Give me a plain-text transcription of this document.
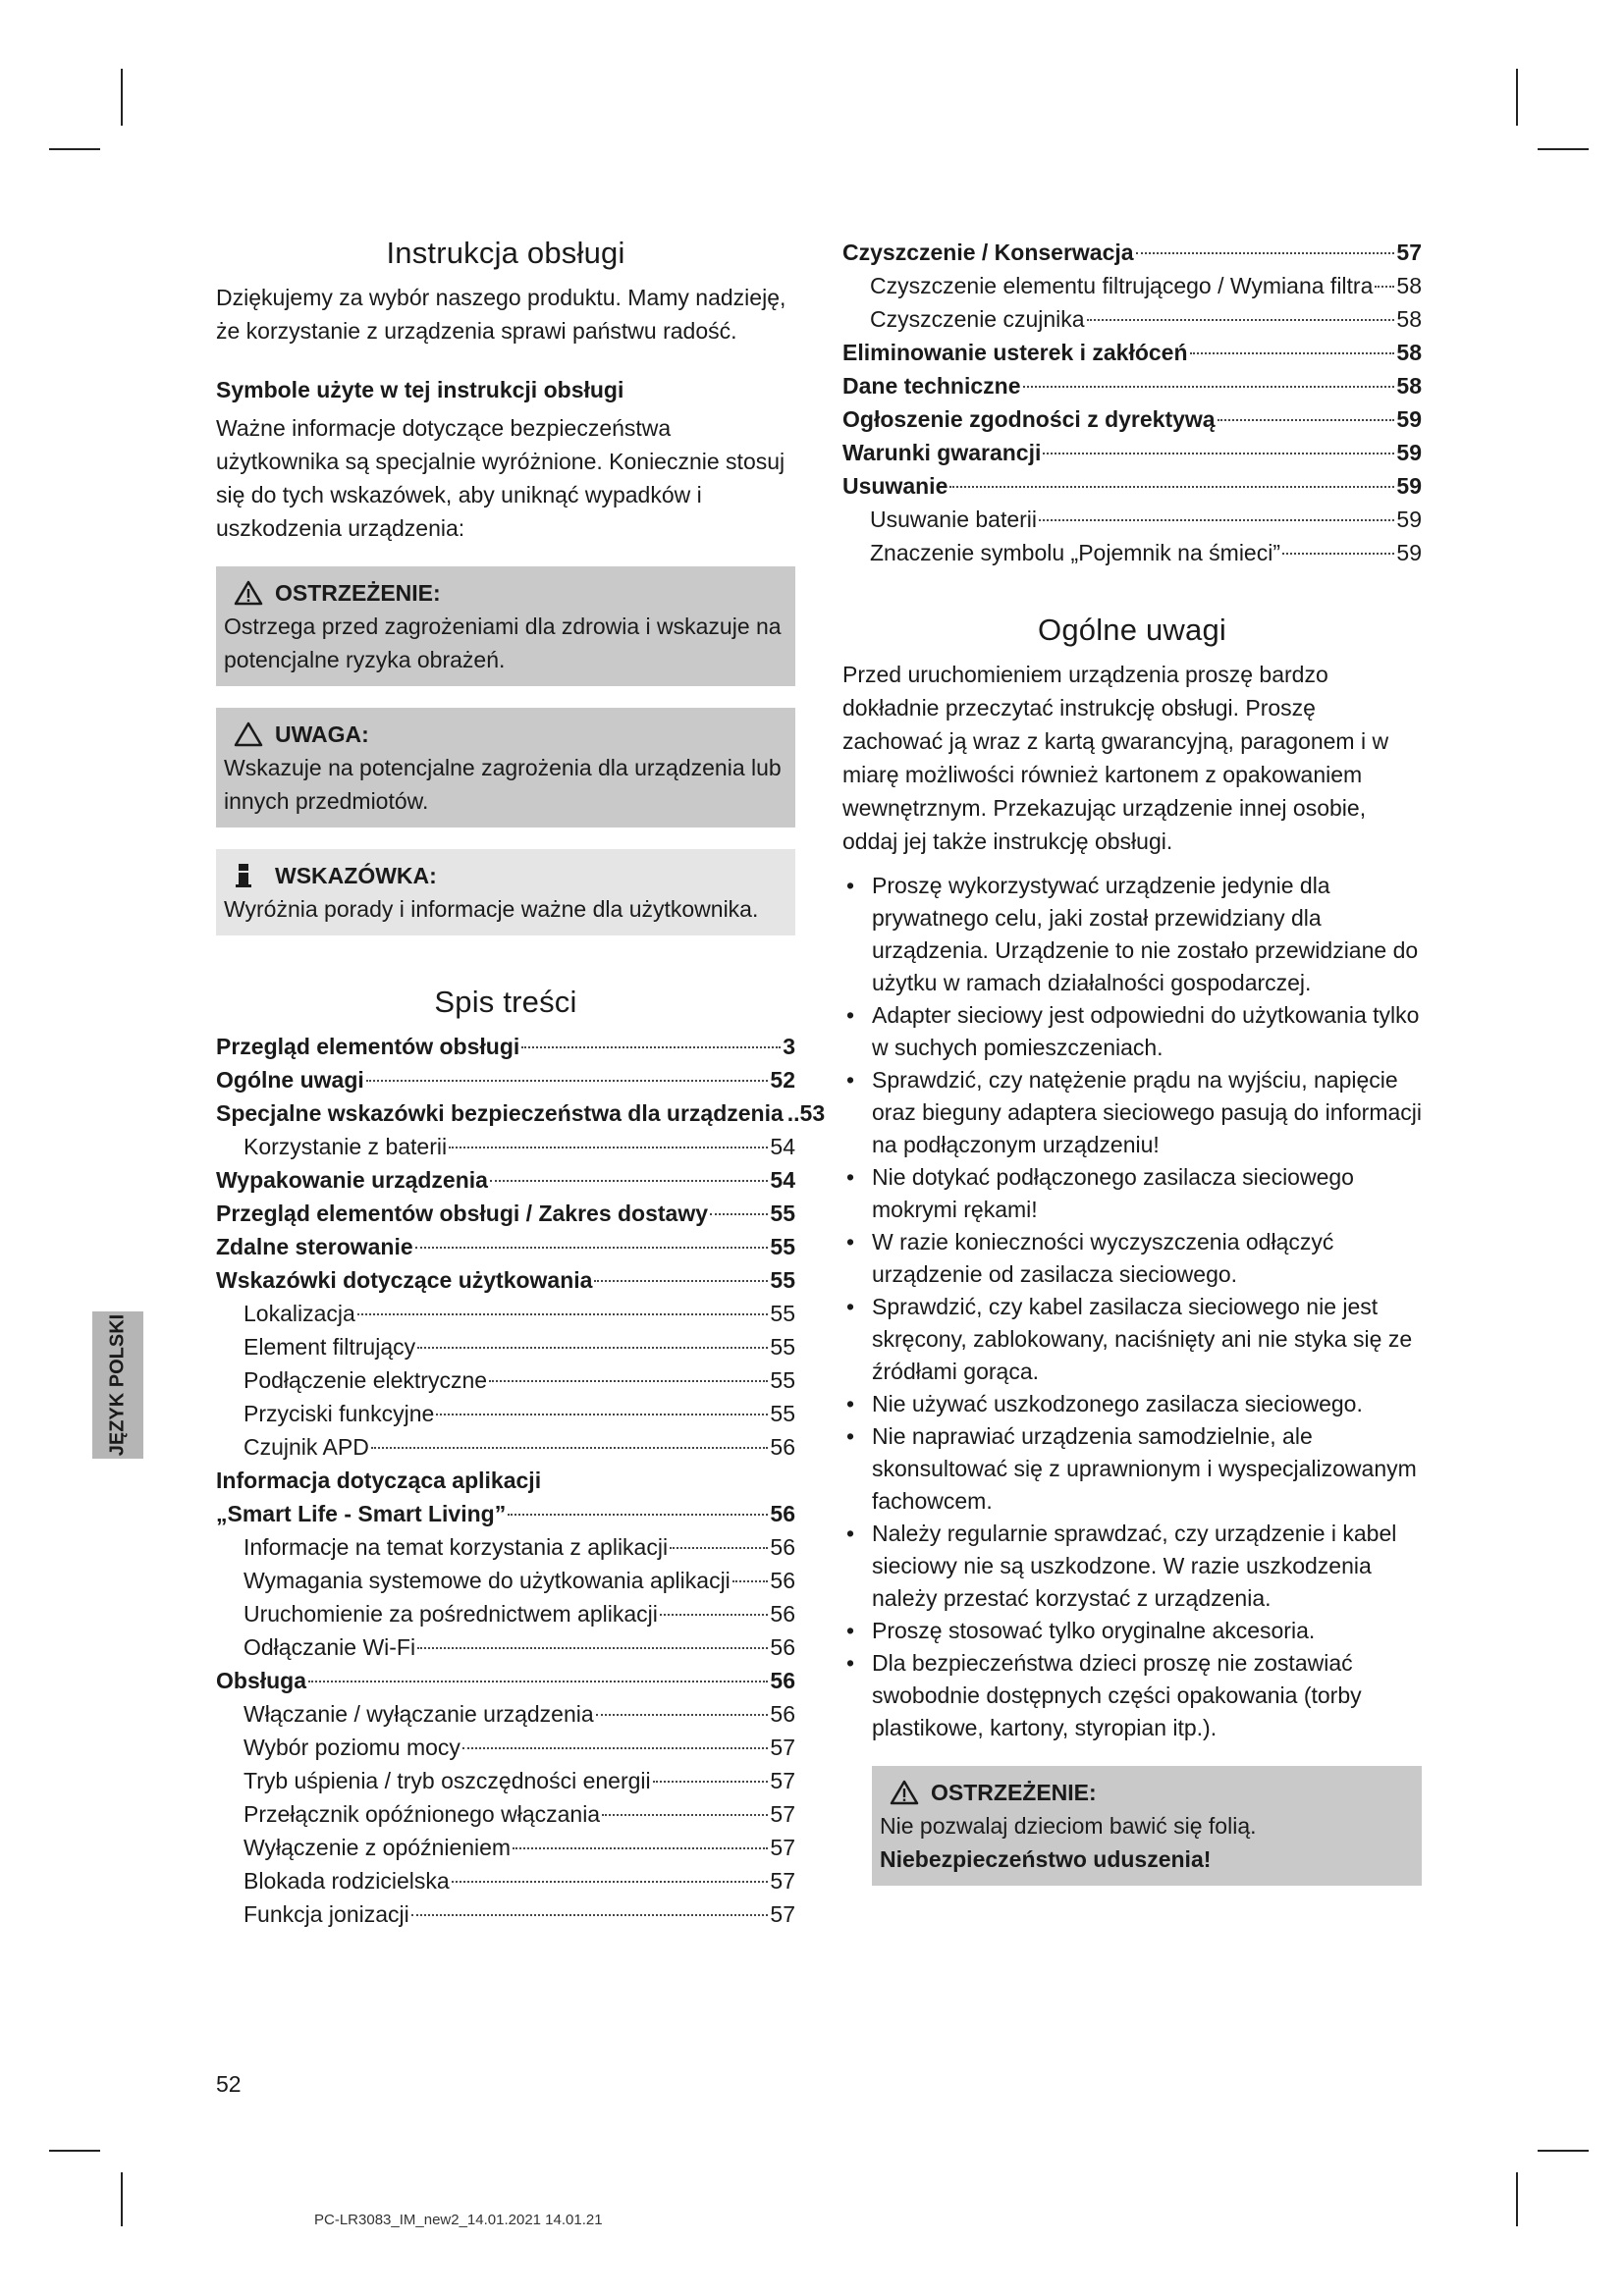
Instrukcja obsługi

Dziękujemy za wybór naszego produktu. Mamy nadzieję, że korzystanie z urządzenia sprawi państwu radość.

Symbole użyte w tej instrukcji obsługi

Ważne informacje dotyczące bezpieczeństwa użytkownika są specjalnie wyróżnione. Koniecznie stosuj się do tych wskazówek, aby uniknąć wypadków i uszkodzenia urządzenia:

OSTRZEŻENIE:
Ostrzega przed zagrożeniami dla zdrowia i wskazuje na potencjalne ryzyka obrażeń.
UWAGA:
Wskazuje na potencjalne zagrożenia dla urządzenia lub innych przedmiotów.
WSKAZÓWKA:
Wyróżnia porady i informacje ważne dla użytkownika.
Spis treści
Przegląd elementów obsługi	3
Ogólne uwagi	52
Specjalne wskazówki bezpieczeństwa dla urządzenia ..53
Korzystanie z baterii	54
Wypakowanie urządzenia	54
Przegląd elementów obsługi / Zakres dostawy	55
Zdalne sterowanie	55
Wskazówki dotyczące użytkowania	55
Lokalizacja	55
Element filtrujący	55
Podłączenie elektryczne	55
Przyciski funkcyjne	55
Czujnik APD	56
Informacja dotycząca aplikacji
„Smart Life - Smart Living”	56
Informacje na temat korzystania z aplikacji	56
Wymagania systemowe do użytkowania aplikacji 56
Uruchomienie za pośrednictwem aplikacji	56
Odłączanie Wi-Fi	56
Obsługa	56
Włączanie / wyłączanie urządzenia	56
Wybór poziomu mocy	57
Tryb uśpienia / tryb oszczędności energii	57
Przełącznik opóźnionego włączania	57
Wyłączenie z opóźnieniem	57
Blokada rodzicielska	57
Funkcja jonizacji	57
Czyszczenie / Konserwacja	57
Czyszczenie elementu filtrującego / Wymiana filtra 58
Czyszczenie czujnika	58
Eliminowanie usterek i zakłóceń	58
Dane techniczne	58
Ogłoszenie zgodności z dyrektywą	59
Warunki gwarancji	59
Usuwanie	59
Usuwanie baterii	59
Znaczenie symbolu „Pojemnik na śmieci”	59
Ogólne uwagi

Przed uruchomieniem urządzenia proszę bardzo dokładnie przeczytać instrukcję obsługi. Proszę zachować ją wraz z kartą gwarancyjną, paragonem i w miarę możliwości również kartonem z opakowaniem wewnętrznym. Przekazując urządzenie innej osobie, oddaj jej także instrukcję obsługi.

• Proszę wykorzystywać urządzenie jedynie dla prywatnego celu, jaki został przewidziany dla urządzenia. Urządzenie to nie zostało przewidziane do użytku w ramach działalności gospodarczej.
• Adapter sieciowy jest odpowiedni do użytkowania tylko w suchych pomieszczeniach.
• Sprawdzić, czy natężenie prądu na wyjściu, napięcie oraz bieguny adaptera sieciowego pasują do informacji na podłączonym urządzeniu!
• Nie dotykać podłączonego zasilacza sieciowego mokrymi rękami!
• W razie konieczności wyczyszczenia odłączyć urządzenie od zasilacza sieciowego.
• Sprawdzić, czy kabel zasilacza sieciowego nie jest skręcony, zablokowany, naciśnięty ani nie styka się ze źródłami gorąca.
• Nie używać uszkodzonego zasilacza sieciowego.
• Nie naprawiać urządzenia samodzielnie, ale skonsultować się z uprawnionym i wyspecjalizowanym fachowcem.
• Należy regularnie sprawdzać, czy urządzenie i kabel sieciowy nie są uszkodzone. W razie uszkodzenia należy przestać korzystać z urządzenia.
• Proszę stosować tylko oryginalne akcesoria.
• Dla bezpieczeństwa dzieci proszę nie zostawiać swobodnie dostępnych części opakowania (torby plastikowe, kartony, styropian itp.).
OSTRZEŻENIE:
Nie pozwalaj dzieciom bawić się folią. Niebezpieczeństwo uduszenia!
JĘZYK POLSKI
52
PC-LR3083_IM_new2_14.01.2021 14.01.21
